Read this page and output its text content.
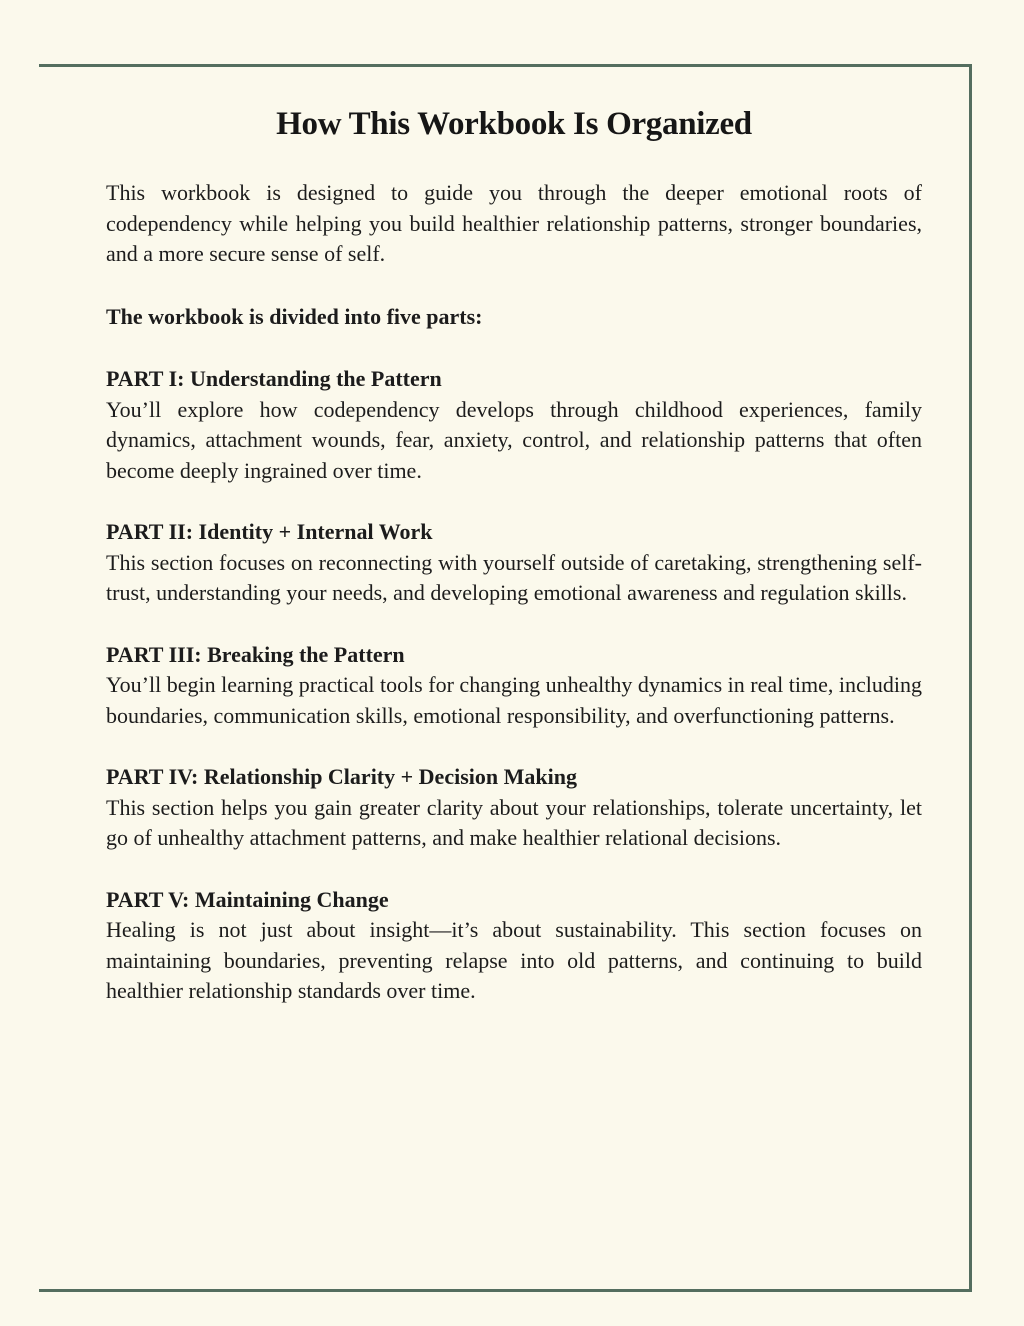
How This Workbook Is Organized

This workbook is designed to guide you through the deeper emotional roots of codependency while helping you build healthier relationship patterns, stronger boundaries, and a more secure sense of self.

The workbook is divided into five parts:

PART I: Understanding the Pattern

You’ll explore how codependency develops through childhood experiences, family dynamics, attachment wounds, fear, anxiety, control, and relationship patterns that often become deeply ingrained over time.

PART II: Identity + Internal Work

This section focuses on reconnecting with yourself outside of caretaking, strengthening self-trust, understanding your needs, and developing emotional awareness and regulation skills.

PART III: Breaking the Pattern

You’ll begin learning practical tools for changing unhealthy dynamics in real time, including boundaries, communication skills, emotional responsibility, and overfunctioning patterns.

PART IV: Relationship Clarity + Decision Making

This section helps you gain greater clarity about your relationships, tolerate uncertainty, let go of unhealthy attachment patterns, and make healthier relational decisions.

PART V: Maintaining Change

Healing is not just about insight—it’s about sustainability. This section focuses on maintaining boundaries, preventing relapse into old patterns, and continuing to build healthier relationship standards over time.
